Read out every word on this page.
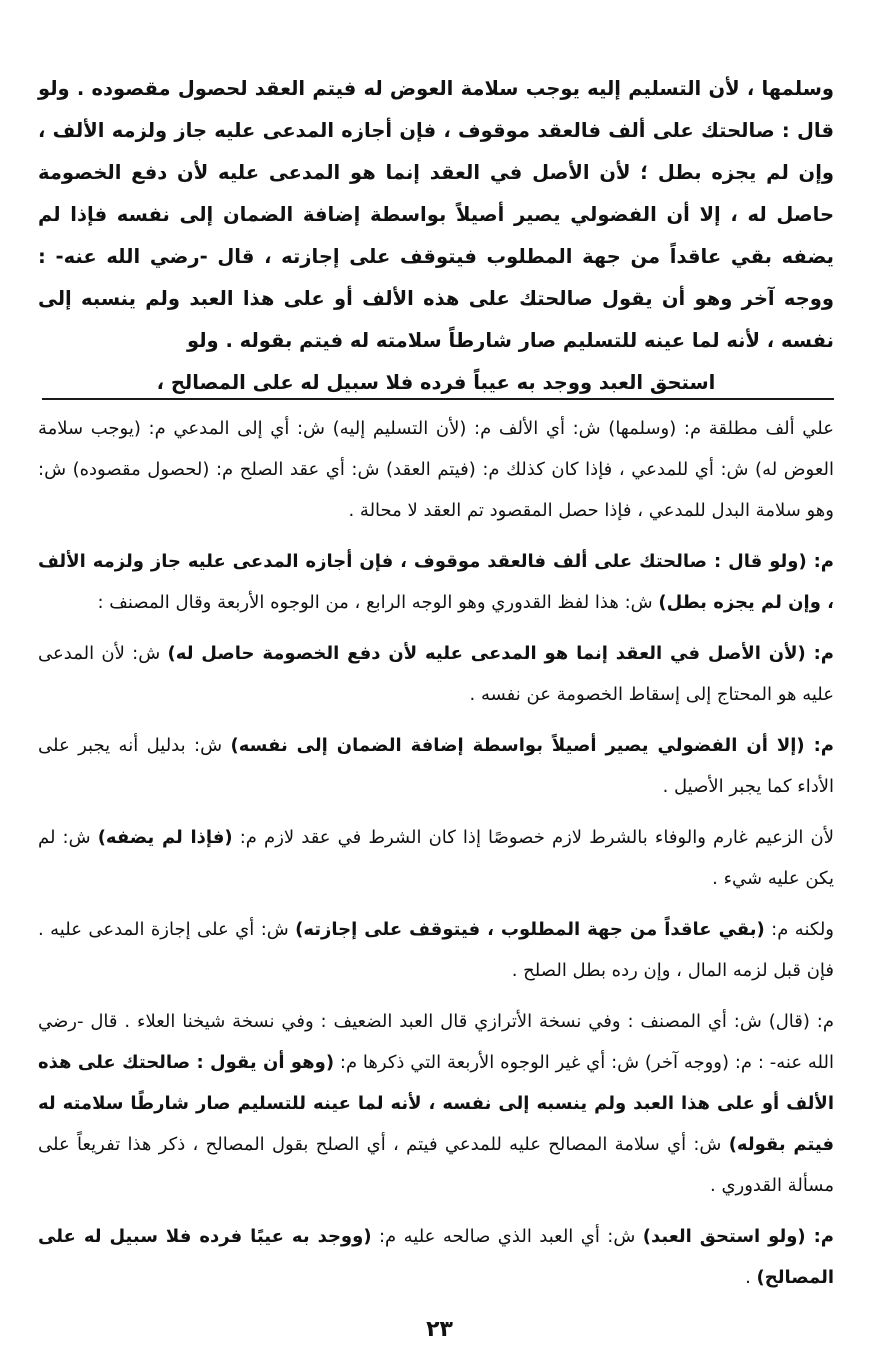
وسلمها ، لأن التسليم إليه يوجب سلامة العوض له فيتم العقد لحصول مقصوده . ولو قال : صالحتك على ألف فالعقد موقوف ، فإن أجازه المدعى عليه جاز ولزمه الألف ، وإن لم يجزه بطل ؛ لأن الأصل في العقد إنما هو المدعى عليه لأن دفع الخصومة حاصل له ، إلا أن الفضولي يصير أصيلاً بواسطة إضافة الضمان إلى نفسه فإذا لم يضفه بقي عاقداً من جهة المطلوب فيتوقف على إجازته ، قال -رضي الله عنه- : ووجه آخر وهو أن يقول صالحتك على هذه الألف أو على هذا العبد ولم ينسبه إلى نفسه ، لأنه لما عينه للتسليم صار شارطاً سلامته له فيتم بقوله . ولو
استحق العبد ووجد به عيباً فرده فلا سبيل له على المصالح ،

علي ألف مطلقة م: (وسلمها) ش: أي الألف م: (لأن التسليم إليه) ش: أي إلى المدعي م: (يوجب سلامة العوض له) ش: أي للمدعي ، فإذا كان كذلك م: (فيتم العقد) ش: أي عقد الصلح م: (لحصول مقصوده) ش: وهو سلامة البدل للمدعي ، فإذا حصل المقصود تم العقد لا محالة .

م: (ولو قال : صالحتك على ألف فالعقد موقوف ، فإن أجازه المدعى عليه جاز ولزمه الألف ، وإن لم يجزه بطل) ش: هذا لفظ القدوري وهو الوجه الرابع ، من الوجوه الأربعة وقال المصنف :

م: (لأن الأصل في العقد إنما هو المدعى عليه لأن دفع الخصومة حاصل له) ش: لأن المدعى عليه هو المحتاج إلى إسقاط الخصومة عن نفسه .

م: (إلا أن الفضولي يصير أصيلاً بواسطة إضافة الضمان إلى نفسه) ش: بدليل أنه يجبر على الأداء كما يجبر الأصيل .

لأن الزعيم غارم والوفاء بالشرط لازم خصوصًا إذا كان الشرط في عقد لازم م: (فإذا لم يضفه) ش: لم يكن عليه شيء .

ولكنه م: (بقي عاقداً من جهة المطلوب ، فيتوقف على إجازته) ش: أي على إجازة المدعى عليه . فإن قبل لزمه المال ، وإن رده بطل الصلح .

م: (قال) ش: أي المصنف : وفي نسخة الأترازي قال العبد الضعيف : وفي نسخة شيخنا العلاء . قال -رضي الله عنه- : م: (ووجه آخر) ش: أي غير الوجوه الأربعة التي ذكرها م: (وهو أن يقول : صالحتك على هذه الألف أو على هذا العبد ولم ينسبه إلى نفسه ، لأنه لما عينه للتسليم صار شارطًا سلامته له فيتم بقوله) ش: أي سلامة المصالح عليه للمدعي فيتم ، أي الصلح بقول المصالح ، ذكر هذا تفريعاً على مسألة القدوري .

م: (ولو استحق العبد) ش: أي العبد الذي صالحه عليه م: (ووجد به عيبًا فرده فلا سبيل له على المصالح) .

٢٣
